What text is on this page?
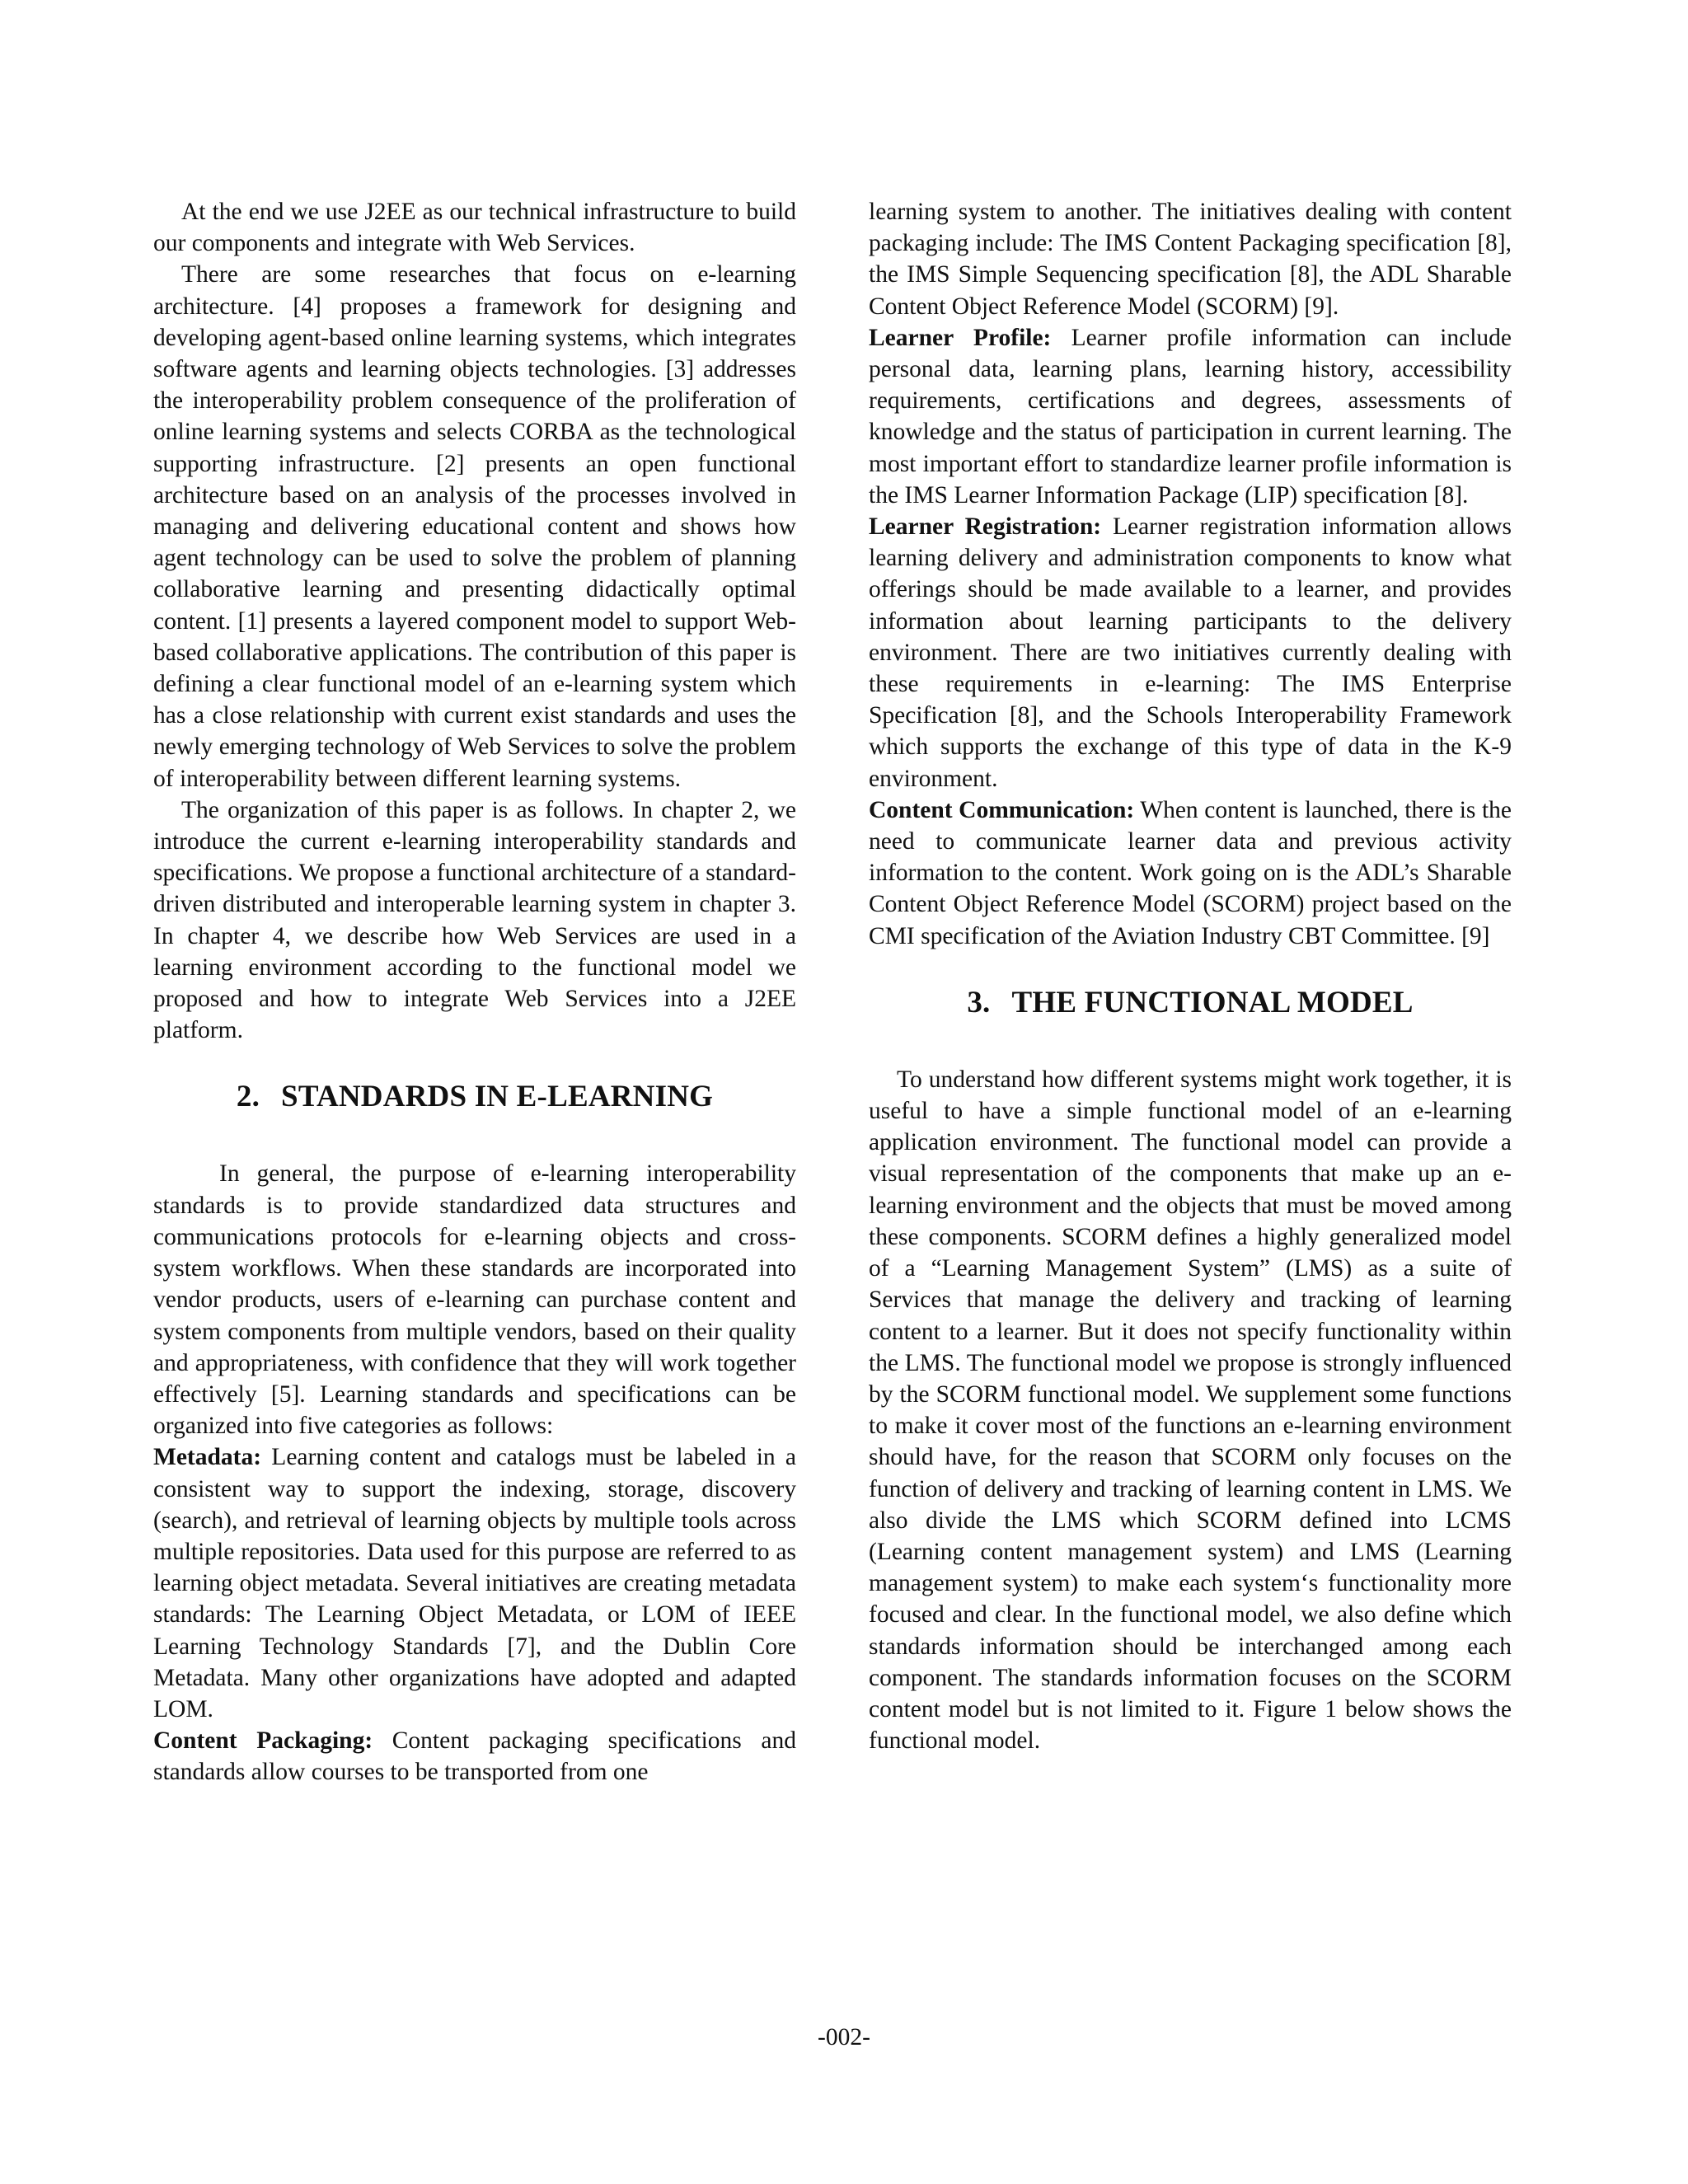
At the end we use J2EE as our technical infrastructure to build our components and integrate with Web Services.

There are some researches that focus on e-learning architecture. [4] proposes a framework for designing and developing agent-based online learning systems, which integrates software agents and learning objects technologies. [3] addresses the interoperability problem consequence of the proliferation of online learning systems and selects CORBA as the technological supporting infrastructure. [2] presents an open functional architecture based on an analysis of the processes involved in managing and delivering educational content and shows how agent technology can be used to solve the problem of planning collaborative learning and presenting didactically optimal content. [1] presents a layered component model to support Web-based collaborative applications. The contribution of this paper is defining a clear functional model of an e-learning system which has a close relationship with current exist standards and uses the newly emerging technology of Web Services to solve the problem of interoperability between different learning systems.

The organization of this paper is as follows. In chapter 2, we introduce the current e-learning interoperability standards and specifications. We propose a functional architecture of a standard-driven distributed and interoperable learning system in chapter 3. In chapter 4, we describe how Web Services are used in a learning environment according to the functional model we proposed and how to integrate Web Services into a J2EE platform.

2. STANDARDS IN E-LEARNING

In general, the purpose of e-learning interoperability standards is to provide standardized data structures and communications protocols for e-learning objects and cross-system workflows. When these standards are incorporated into vendor products, users of e-learning can purchase content and system components from multiple vendors, based on their quality and appropriateness, with confidence that they will work together effectively [5]. Learning standards and specifications can be organized into five categories as follows:

Metadata: Learning content and catalogs must be labeled in a consistent way to support the indexing, storage, discovery (search), and retrieval of learning objects by multiple tools across multiple repositories. Data used for this purpose are referred to as learning object metadata. Several initiatives are creating metadata standards: The Learning Object Metadata, or LOM of IEEE Learning Technology Standards [7], and the Dublin Core Metadata. Many other organizations have adopted and adapted LOM.

Content Packaging: Content packaging specifications and standards allow courses to be transported from one

learning system to another. The initiatives dealing with content packaging include: The IMS Content Packaging specification [8], the IMS Simple Sequencing specification [8], the ADL Sharable Content Object Reference Model (SCORM) [9].

Learner Profile: Learner profile information can include personal data, learning plans, learning history, accessibility requirements, certifications and degrees, assessments of knowledge and the status of participation in current learning. The most important effort to standardize learner profile information is the IMS Learner Information Package (LIP) specification [8].

Learner Registration: Learner registration information allows learning delivery and administration components to know what offerings should be made available to a learner, and provides information about learning participants to the delivery environment. There are two initiatives currently dealing with these requirements in e-learning: The IMS Enterprise Specification [8], and the Schools Interoperability Framework which supports the exchange of this type of data in the K-9 environment.

Content Communication: When content is launched, there is the need to communicate learner data and previous activity information to the content. Work going on is the ADL’s Sharable Content Object Reference Model (SCORM) project based on the CMI specification of the Aviation Industry CBT Committee. [9]

3. THE FUNCTIONAL MODEL

To understand how different systems might work together, it is useful to have a simple functional model of an e-learning application environment. The functional model can provide a visual representation of the components that make up an e-learning environment and the objects that must be moved among these components. SCORM defines a highly generalized model of a “Learning Management System” (LMS) as a suite of Services that manage the delivery and tracking of learning content to a learner. But it does not specify functionality within the LMS. The functional model we propose is strongly influenced by the SCORM functional model. We supplement some functions to make it cover most of the functions an e-learning environment should have, for the reason that SCORM only focuses on the function of delivery and tracking of learning content in LMS. We also divide the LMS which SCORM defined into LCMS (Learning content management system) and LMS (Learning management system) to make each system‘s functionality more focused and clear. In the functional model, we also define which standards information should be interchanged among each component. The standards information focuses on the SCORM content model but is not limited to it. Figure 1 below shows the functional model.

-002-
